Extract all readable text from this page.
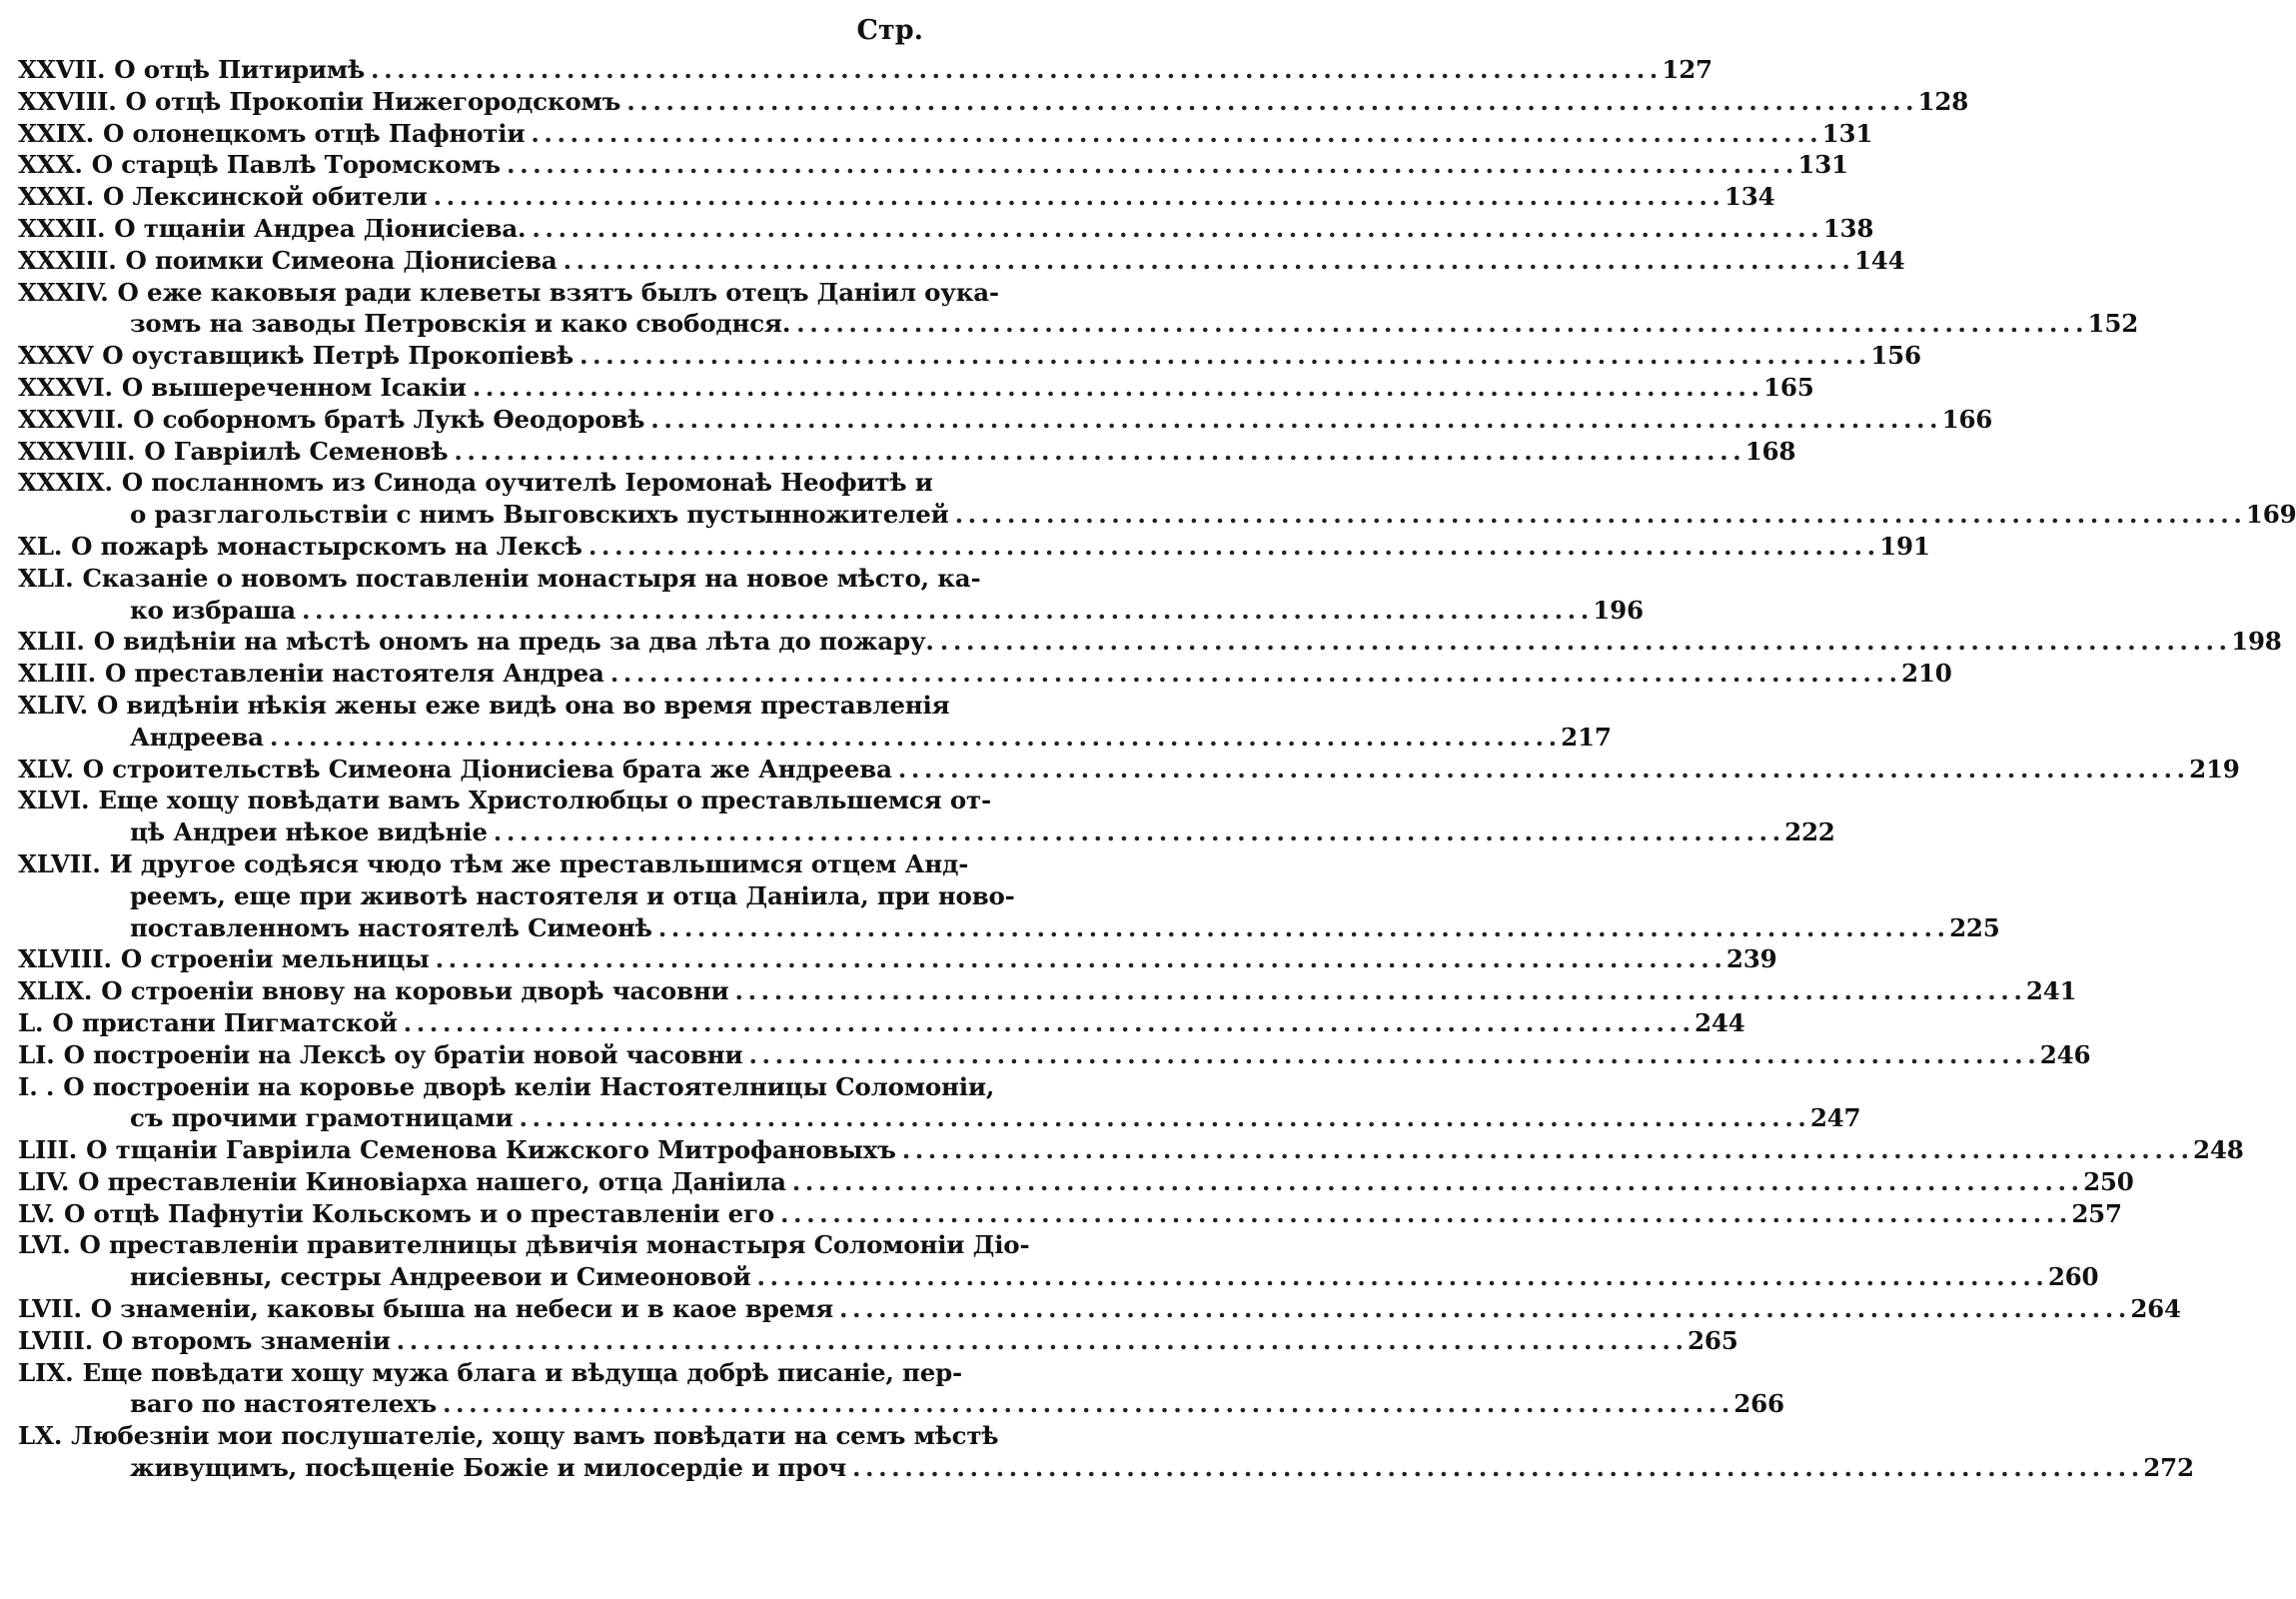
Стр.
XXVII. О отцѣ Питиримѣ . . .	127
XXVIII. О отцѣ Прокопіи Нижегородскомъ . . .	128
XXIX. О олонецкомъ отцѣ Пафнотіи . . .	131
XXX. О старцѣ Павлѣ Торомскомъ . . .	131
XXXI. О Лексинской обители . . .	134
XXXII. О тщаніи Андреа Діонисіева. . . .	138
XXXIII. О поимки Симеона Діонисіева . . .	144
XXXIV. О еже каковыя ради клеветы взятъ былъ отецъ Даніил оука-
зомъ на заводы Петровскія и како свободнся. . . .	152
XXXV О оуставщикѣ Петрѣ Прокопіевѣ . . .	156
XXXVI. О вышереченном Ісакіи . . .	165
XXXVII. О соборномъ братѣ Лукѣ Ѳеодоровѣ . . .	166
XXXVIII. О Гавріилѣ Семеновѣ . . .	168
XXXIX. О посланномъ из Синода оучителѣ Іеромонаѣ Неофитѣ и
о разглагольствіи с нимъ Выговскихъ пустынножителей . . .	169
XL. О пожарѣ монастырскомъ на Лексѣ . . .	191
XLI. Сказаніе о новомъ поставленіи монастыря на новое мѣсто, ка-
ко избраша . . .	196
XLII. О видѣніи на мѣстѣ ономъ на предь за два лѣта до пожару. . . .	198
XLIII. О преставленіи настоятеля Андреа . . .	210
XLIV. О видѣніи нѣкія жены еже видѣ она во время преставленія
Андреева . . .	217
XLV. О строительствѣ Симеона Діонисіева брата же Андреева . . .	219
XLVI. Еще хощу повѣдати вамъ Христолюбцы о преставльшемся от-
цѣ Андреи нѣкое видѣніе . . .	222
XLVII. И другое содѣяся чюдо тѣм же преставльшимся отцем Анд-
реемъ, еще при животѣ настоятеля и отца Даніила, при ново-
поставленномъ настоятелѣ Симеонѣ . . .	225
XLVIII. О строеніи мельницы . . .	239
XLIX. О строеніи внову на коровьи дворѣ часовни . . .	241
L. О пристани Пигматской . . .	244
LI. О построеніи на Лексѣ оу братіи новой часовни . . .	246
I. . О построеніи на коровье дворѣ келіи Настоятелницы Соломоніи,
съ прочими грамотницами . . .	247
LIII. О тщаніи Гавріила Семенова Кижского Митрофановыхъ . . .	248
LIV. О преставленіи Киновіарха нашего, отца Даніила . . .	250
LV. О отцѣ Пафнутіи Кольскомъ и о преставленіи его . . .	257
LVI. О преставленіи правителницы дѣвичія монастыря Соломоніи Діо-
нисіевны, сестры Андреевои и Симеоновой . . .	260
LVII. О знаменіи, каковы быша на небеси и в каое время . . .	264
LVIII. О второмъ знаменіи . . .	265
LIX. Еще повѣдати хощу мужа блага и вѣдуща добрѣ писаніе, пер-
ваго по настоятелехъ . . .	266
LX. Любезніи мои послушателіе, хощу вамъ повѣдати на семъ мѣстѣ
живущимъ, посѣщеніе Божіе и милосердіе и проч . . .	272
